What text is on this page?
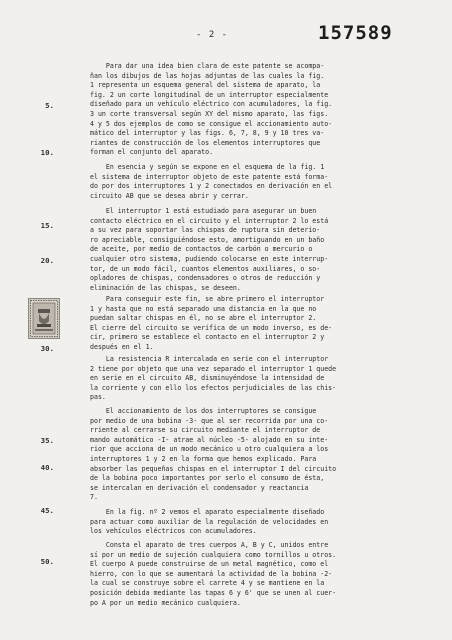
- 2 -	157589
5.
10.
15.
20.
30.
35.
40.
45.
50.
Para dar una idea bien clara de este patente se acompa-
ñan los dibujos de las hojas adjuntas de las cuales la fig.
1 representa un esquema general del sistema de aparato, la
fig. 2 un corte longitudinal de un interruptor especialmente
diseñado para un vehículo eléctrico con acumuladores, la fig.
3 un corte transversal según XY del mismo aparato, las figs.
4 y 5 dos ejemplos de como se consigue el accionamiento auto-
mático del interruptor y las figs. 6, 7, 8, 9 y 10 tres va-
riantes de construcción de los elementos interruptores que
forman el conjunto del aparato.
En esencia y según se expone en el esquema de la fig. 1
el sistema de interruptor objeto de este patente está forma-
do por dos interruptores 1 y 2 conectados en derivación en el
circuito AB que se desea abrir y cerrar.
El interruptor 1 está estudiado para asegurar un buen
contacto eléctrico en el circuito y el interruptor 2 lo está
a su vez para soportar las chispas de ruptura sin deterio-
ro apreciable, consiguiéndose esto, amortiguando en un baño
de aceite, por medio de contactos de carbón o mercurio o
cualquier otro sistema, pudiendo colocarse en este interrup-
tor, de un modo fácil, cuantos elementos auxiliares, o so-
opladores de chispas, condensadores o otros de reducción y
eliminación de las chispas, se deseen.
Para conseguir este fin, se abre primero el interruptor
1 y hasta que no está separado una distancia en la que no
puedan saltar chispas en él, no se abre el interruptor 2.
El cierre del circuito se verifica de un modo inverso, es de-
cir, primero se establece el contacto en el interruptor 2 y
después en el 1.
La resistencia R intercalada en serie con el interruptor
2 tiene por objeto que una vez separado el interruptor 1 quede
en serie en el circuito AB, disminuyéndose la intensidad de
la corriente y con ello los efectos perjudiciales de las chis-
pas.
El accionamiento de los dos interruptores se consigue
por medio de una bobina -3- que al ser recorrida por una co-
rriente al cerrarse su circuito mediante el interruptor de
mando automático -I- atrae al núcleo -5- alojado en su inte-
rior que acciona de un modo mecánico u otro cualquiera a los
interruptores 1 y 2 en la forma que hemos explicado. Para
absorber las pequeñas chispas en el interruptor I del circuito
de la bobina poco importantes por serlo el consumo de ésta,
se intercalan en derivación el condensador y reactancia
7.
En la fig. nº 2 vemos el aparato especialmente diseñado
para actuar como auxiliar de la regulación de velocidades en
los vehículos eléctricos con acumuladores.
Consta el aparato de tres cuerpos A, B y C, unidos entre
sí por un medio de sujeción cualquiera como tornillos u otros.
El cuerpo A puede construirse de un metal magnético, como el
hierro, con lo que se aumentará la actividad de la bobina -2-
la cual se construye sobre el carrete 4 y se mantiene en la
posición debida mediante las tapas 6 y 6' que se unen al cuer-
po A por un medio mecánico cualquiera.
